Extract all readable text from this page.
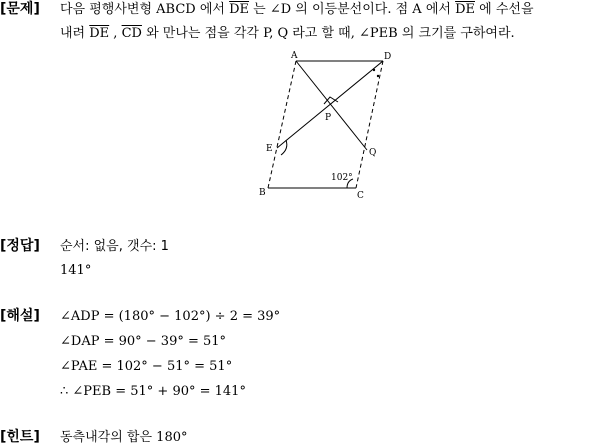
[문제] 다음 평행사변형 ABCD 에서 $\overline{DE}$ 는 ∠D 의 이등분선이다. 점 A 에서 $\overline{DE}$ 에 수선을
내려 $\overline{DE}$ , $\overline{CD}$ 와 만나는 점을 각각 P, Q 라고 할 때, ∠PEB 의 크기를 구하여라.
A	D
P
E	Q
B	C
102°
[정답] 순서: 없음, 갯수: 1
141°
[해설] ∠ADP = (180° − 102°) ÷ 2 = 39°
∠DAP = 90° − 39° = 51°
∠PAE = 102° − 51° = 51°
∴ ∠PEB = 51° + 90° = 141°
[힌트] 동측내각의 합은 180°
